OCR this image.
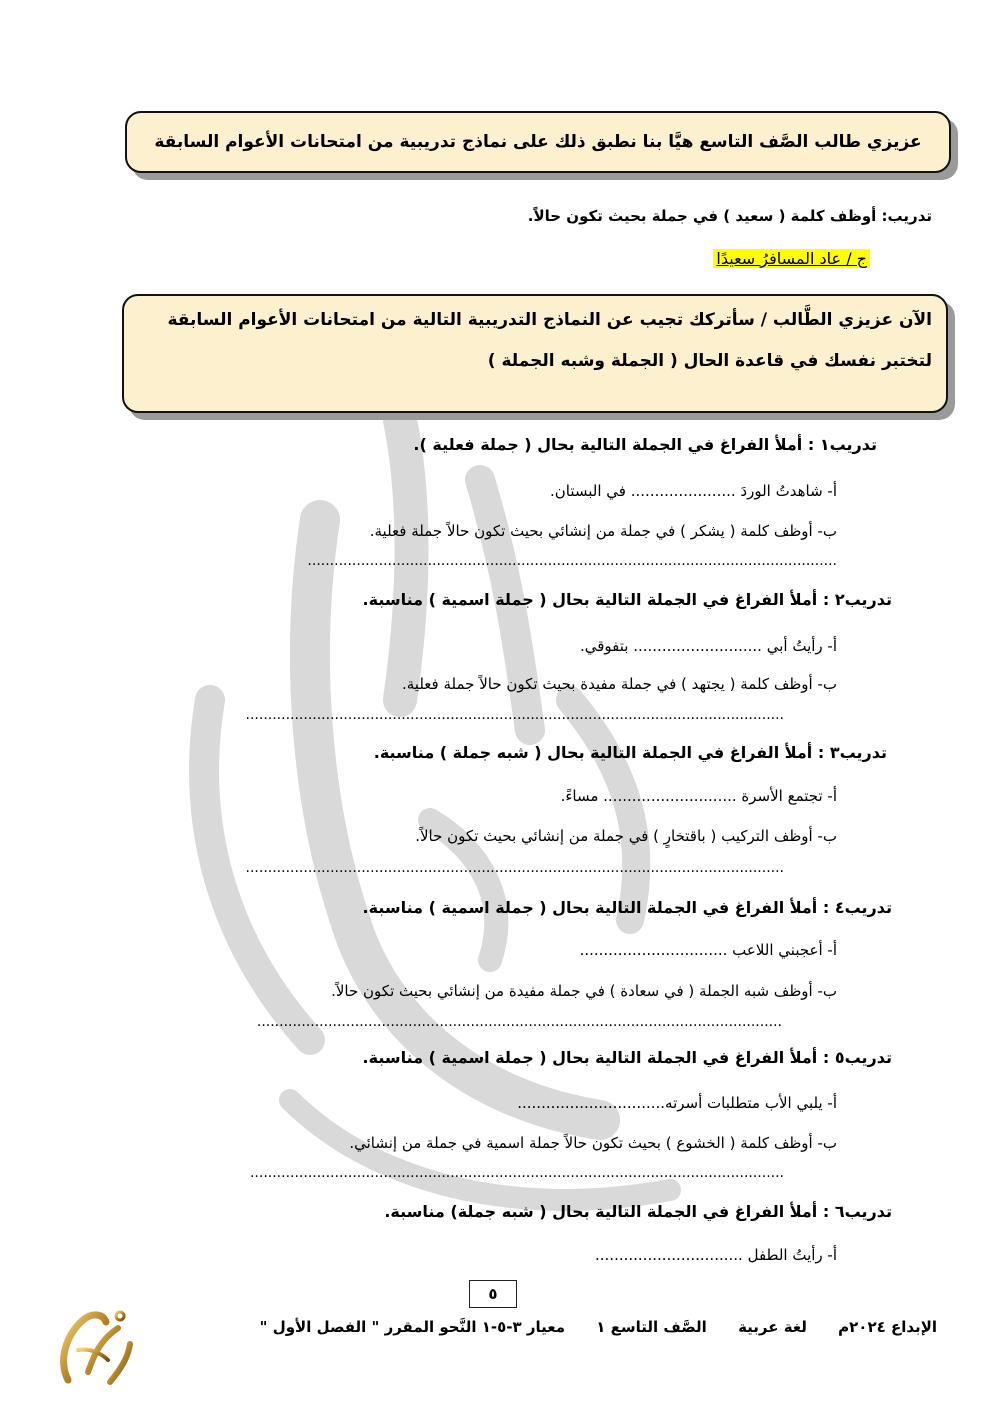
عزيزي طالب الصَّف التاسع هيَّا بنا نطبق ذلك على نماذج تدريبية من امتحانات الأعوام السابقة
تدريب: أوظف كلمة ( سعيد ) في جملة بحيث تكون حالاً.
ج / عاد المسافرُ سعيدًا
الآن عزيزي الطَّالب / سأتركك تجيب عن النماذج التدريبية التالية من امتحانات الأعوام السابقة
لتختبر نفسك في قاعدة الحال ( الجملة وشبه الجملة )
تدريب١ : أملأ الفراغ في الجملة التالية بحال ( جملة فعلية ).
أ- شاهدتُ الوردَ ...................... في البستان.
ب- أوظف كلمة ( يشكر ) في جملة من إنشائي بحيث تكون حالاً جملة فعلية.
.......................................................................................................................
تدريب٢ : أملأ الفراغ في الجملة التالية بحال ( جملة اسمية ) مناسبة.
أ- رأيتُ أبي ........................... بتفوقي.
ب- أوظف كلمة ( يجتهد ) في جملة مفيدة بحيث تكون حالاً جملة فعلية.
.........................................................................................................................
تدريب٣ : أملأ الفراغ في الجملة التالية بحال ( شبه جملة ) مناسبة.
أ- تجتمع الأسرة ............................ مساءً.
ب- أوظف التركيب ( باقتخارٍ ) في جملة من إنشائي بحيث تكون حالاً.
.........................................................................................................................
تدريب٤ : أملأ الفراغ في الجملة التالية بحال ( جملة اسمية ) مناسبة.
أ- أعجبني اللاعب ...............................
ب- أوظف شبه الجملة ( في سعادة ) في جملة مفيدة من إنشائي بحيث تكون حالاً.
......................................................................................................................
تدريب٥ : أملأ الفراغ في الجملة التالية بحال ( جملة اسمية ) مناسبة.
أ- يلبي الأب متطلبات أسرته...............................
ب- أوظف كلمة ( الخشوع ) بحيث تكون حالاً جملة اسمية في جملة من إنشائي.
........................................................................................................................
تدريب٦ : أملأ الفراغ في الجملة التالية بحال ( شبه جملة) مناسبة.
أ- رأيتُ الطفل ...............................
٥
الإبداع ٢٠٢٤م لغة عربية الصَّف التاسع ١ معيار ٣-٥-١ النَّحو المقرر " الفصل الأول "
